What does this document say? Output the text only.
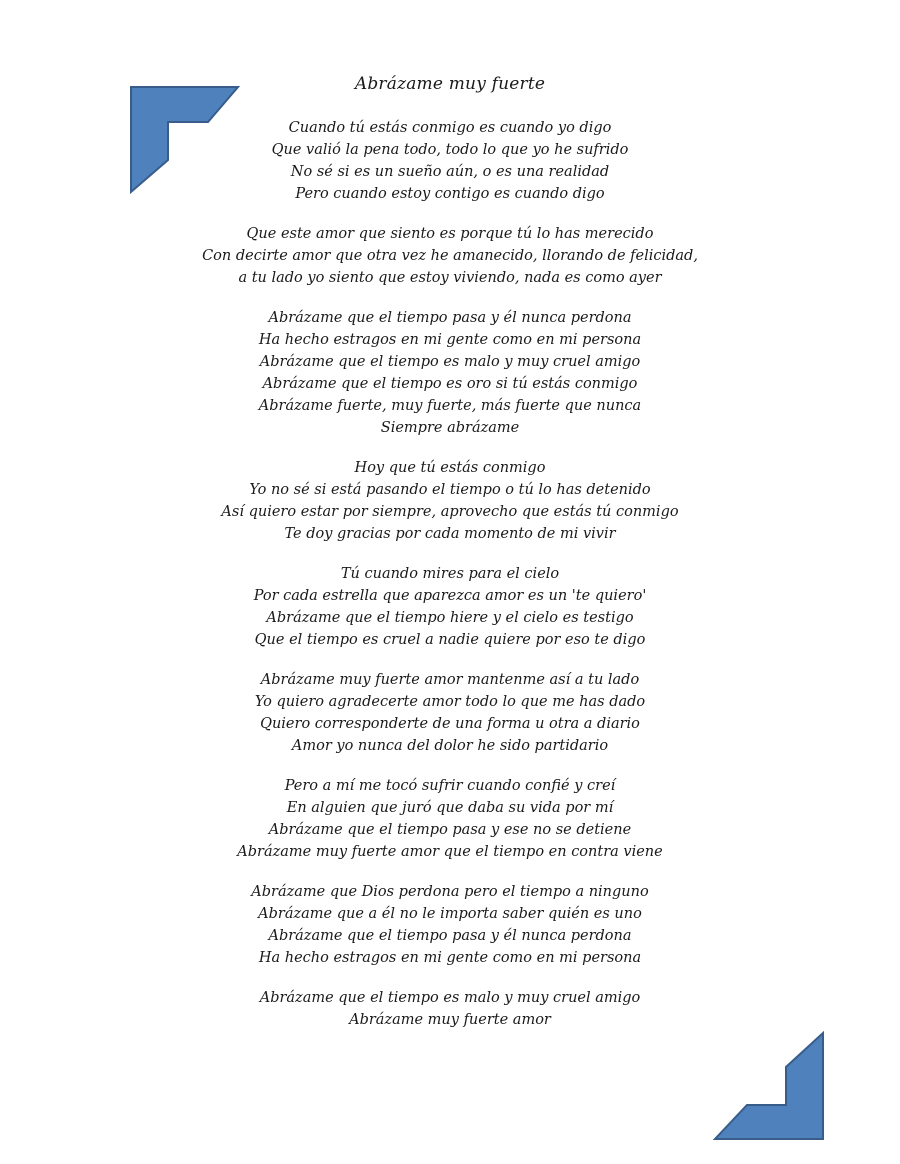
Abrázame muy fuerte
Cuando tú estás conmigo es cuando yo digo
Que valió la pena todo, todo lo que yo he sufrido
No sé si es un sueño aún, o es una realidad
Pero cuando estoy contigo es cuando digo
Que este amor que siento es porque tú lo has merecido
Con decirte amor que otra vez he amanecido, llorando de felicidad,
a tu lado yo siento que estoy viviendo, nada es como ayer
Abrázame que el tiempo pasa y él nunca perdona
Ha hecho estragos en mi gente como en mi persona
Abrázame que el tiempo es malo y muy cruel amigo
Abrázame que el tiempo es oro si tú estás conmigo
Abrázame fuerte, muy fuerte, más fuerte que nunca
Siempre abrázame
Hoy que tú estás conmigo
Yo no sé si está pasando el tiempo o tú lo has detenido
Así quiero estar por siempre, aprovecho que estás tú conmigo
Te doy gracias por cada momento de mi vivir
Tú cuando mires para el cielo
Por cada estrella que aparezca amor es un 'te quiero'
Abrázame que el tiempo hiere y el cielo es testigo
Que el tiempo es cruel a nadie quiere por eso te digo
Abrázame muy fuerte amor mantenme así a tu lado
Yo quiero agradecerte amor todo lo que me has dado
Quiero corresponderte de una forma u otra a diario
Amor yo nunca del dolor he sido partidario
Pero a mí me tocó sufrir cuando confié y creí
En alguien que juró que daba su vida por mí
Abrázame que el tiempo pasa y ese no se detiene
Abrázame muy fuerte amor que el tiempo en contra viene
Abrázame que Dios perdona pero el tiempo a ninguno
Abrázame que a él no le importa saber quién es uno
Abrázame que el tiempo pasa y él nunca perdona
Ha hecho estragos en mi gente como en mi persona
Abrázame que el tiempo es malo y muy cruel amigo
Abrázame muy fuerte amor
